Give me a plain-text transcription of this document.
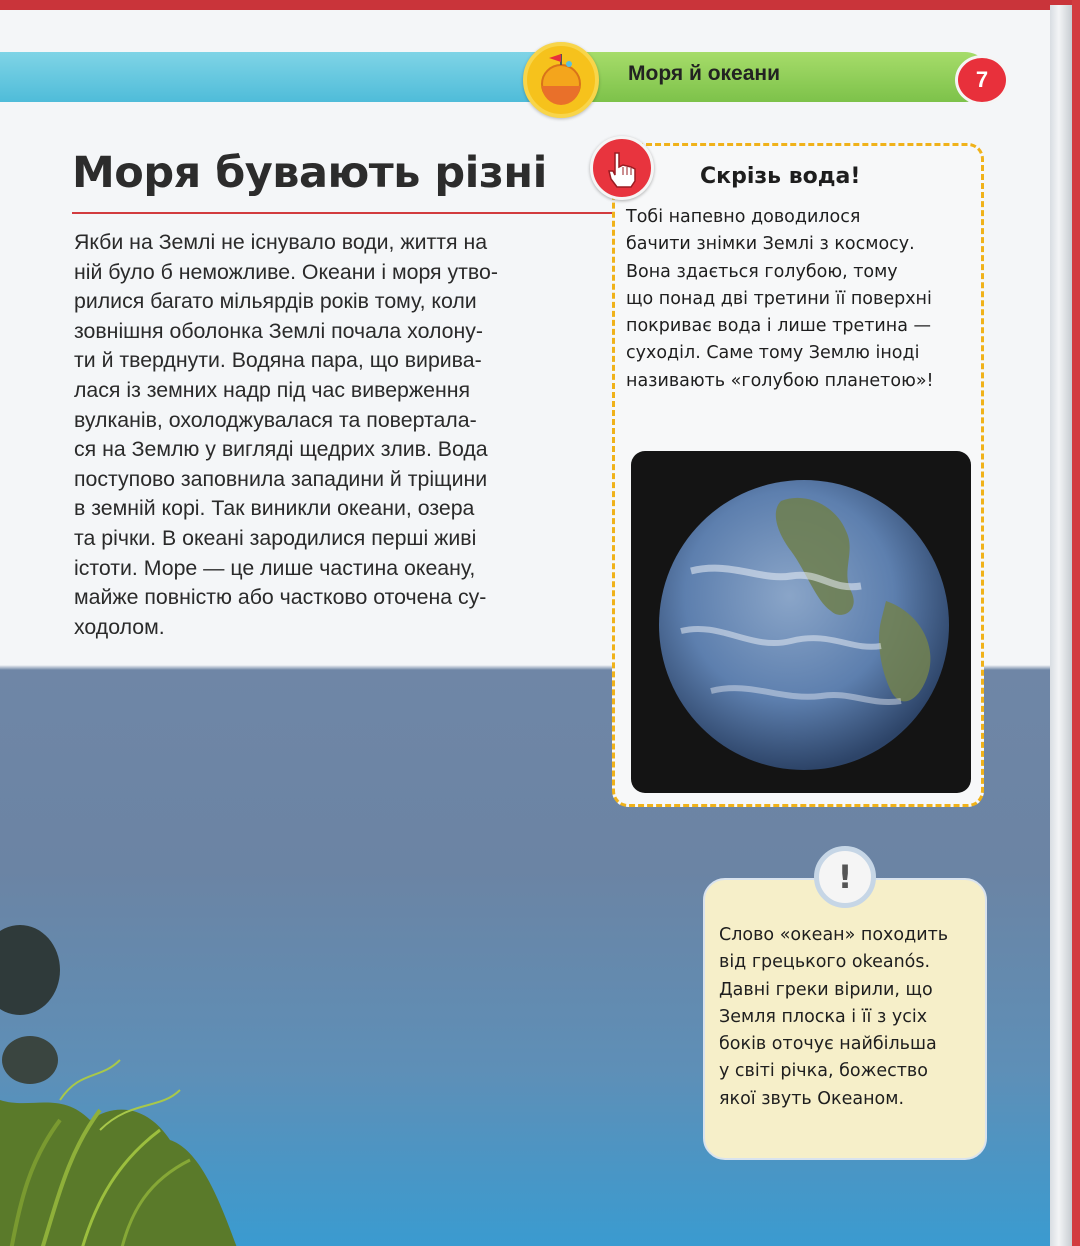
Моря й океани	7
Моря бувають різні
Якби на Землі не існувало води, життя на
ній було б неможливе. Океани і моря утво-
рилися багато мільярдів років тому, коли
зовнішня оболонка Землі почала холону-
ти й тверднути. Водяна пара, що вирива-
лася із земних надр під час виверження
вулканів, охолоджувалася та повертала-
ся на Землю у вигляді щедрих злив. Вода
поступово заповнила западини й тріщини
в земній корі. Так виникли океани, озера
та річки. В океані зародилися перші живі
істоти. Море — це лише частина океану,
майже повністю або частково оточена су-
ходолом.
Скрізь вода!
Тобі напевно доводилося
бачити знімки Землі з космосу.
Вона здається голубою, тому
що понад дві третини її поверхні
покриває вода і лише третина —
суходіл. Саме тому Землю іноді
називають «голубою планетою»!
!
Слово «океан» походить
від грецького okeanós.
Давні греки вірили, що
Земля плоска і її з усіх
боків оточує найбільша
у світі річка, божество
якої звуть Океаном.
